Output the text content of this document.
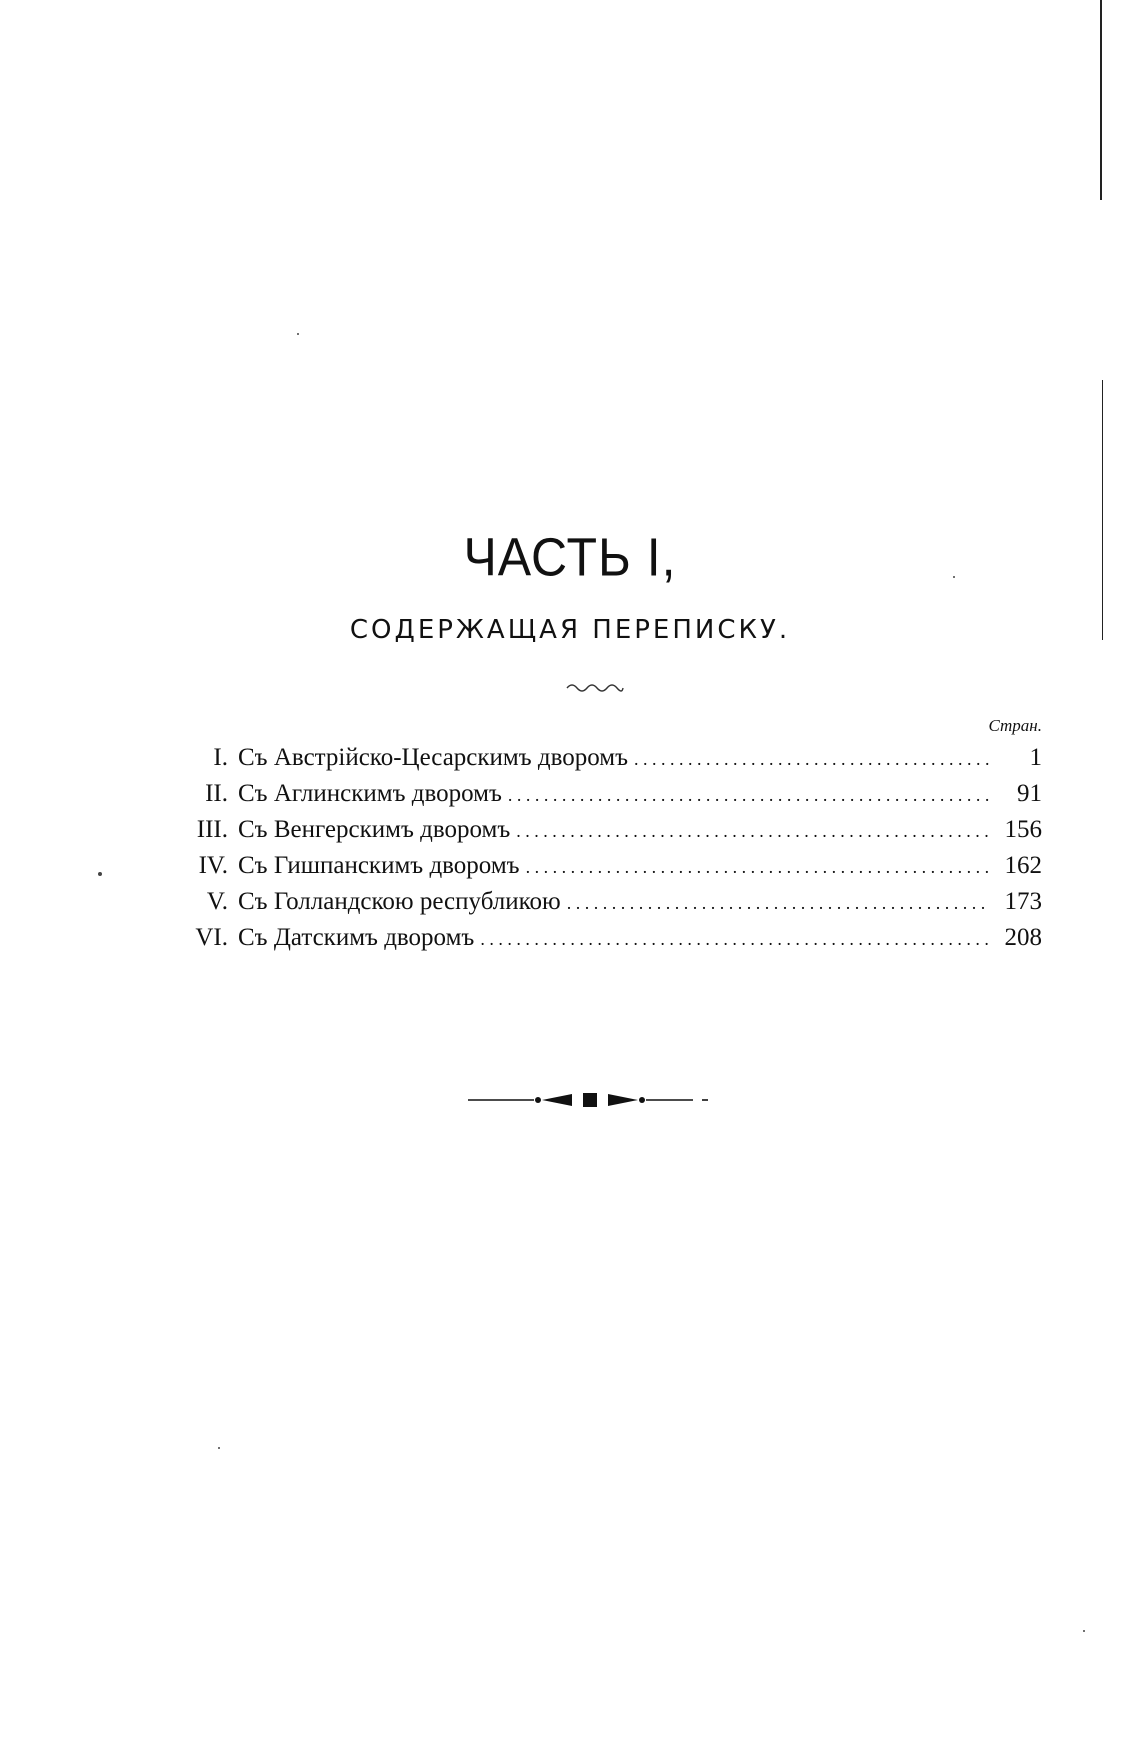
ЧАСТЬ I,
СОДЕРЖАЩАЯ ПЕРЕПИСКУ.
Стран.
I. Съ Австрійско-Цесарскимъ дворомъ . . .	1
II. Съ Аглинскимъ дворомъ . . .	91
III. Съ Венгерскимъ дворомъ . . .	156
IV. Съ Гишпанскимъ дворомъ . . .	162
V. Съ Голландскою республикою . . .	173
VI. Съ Датскимъ дворомъ . . .	208
